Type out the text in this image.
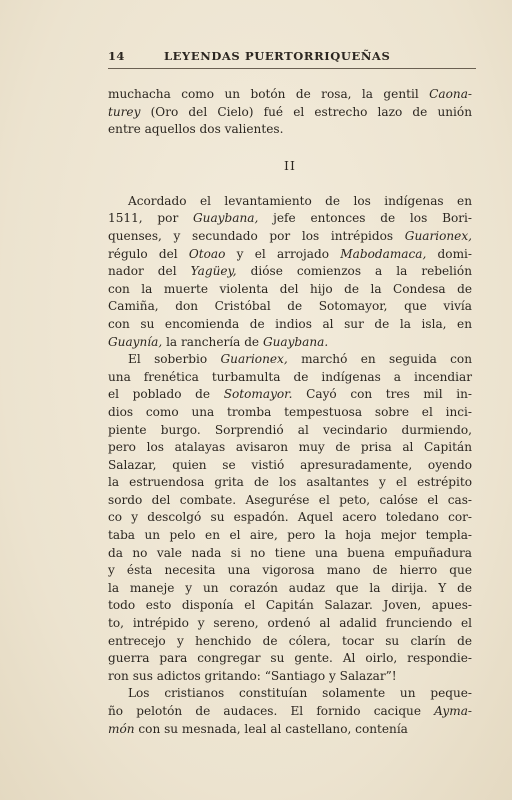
14	LEYENDAS PUERTORRIQUEÑAS
muchacha como un botón de rosa, la gentil Caona-
turey (Oro del Cielo) fué el estrecho lazo de unión
entre aquellos dos valientes.
II
Acordado el levantamiento de los indígenas en
1511, por Guaybana, jefe entonces de los Bori-
quenses, y secundado por los intrépidos Guarionex,
régulo del Otoao y el arrojado Mabodamaca, domi-
nador del Yagüey, dióse comienzos a la rebelión
con la muerte violenta del hijo de la Condesa de
Camiña, don Cristóbal de Sotomayor, que vivía
con su encomienda de indios al sur de la isla, en
Guaynía, la ranchería de Guaybana.
El soberbio Guarionex, marchó en seguida con
una frenética turbamulta de indígenas a incendiar
el poblado de Sotomayor. Cayó con tres mil in-
dios como una tromba tempestuosa sobre el inci-
piente burgo. Sorprendió al vecindario durmiendo,
pero los atalayas avisaron muy de prisa al Capitán
Salazar, quien se vistió apresuradamente, oyendo
la estruendosa grita de los asaltantes y el estrépito
sordo del combate. Asegurése el peto, calóse el cas-
co y descolgó su espadón. Aquel acero toledano cor-
taba un pelo en el aire, pero la hoja mejor templa-
da no vale nada si no tiene una buena empuñadura
y ésta necesita una vigorosa mano de hierro que
la maneje y un corazón audaz que la dirija. Y de
todo esto disponía el Capitán Salazar. Joven, apues-
to, intrépido y sereno, ordenó al adalid frunciendo el
entrecejo y henchido de cólera, tocar su clarín de
guerra para congregar su gente. Al oirlo, respondie-
ron sus adictos gritando: “Santiago y Salazar”!
Los cristianos constituían solamente un peque-
ño pelotón de audaces. El fornido cacique Ayma-
món con su mesnada, leal al castellano, contenía
